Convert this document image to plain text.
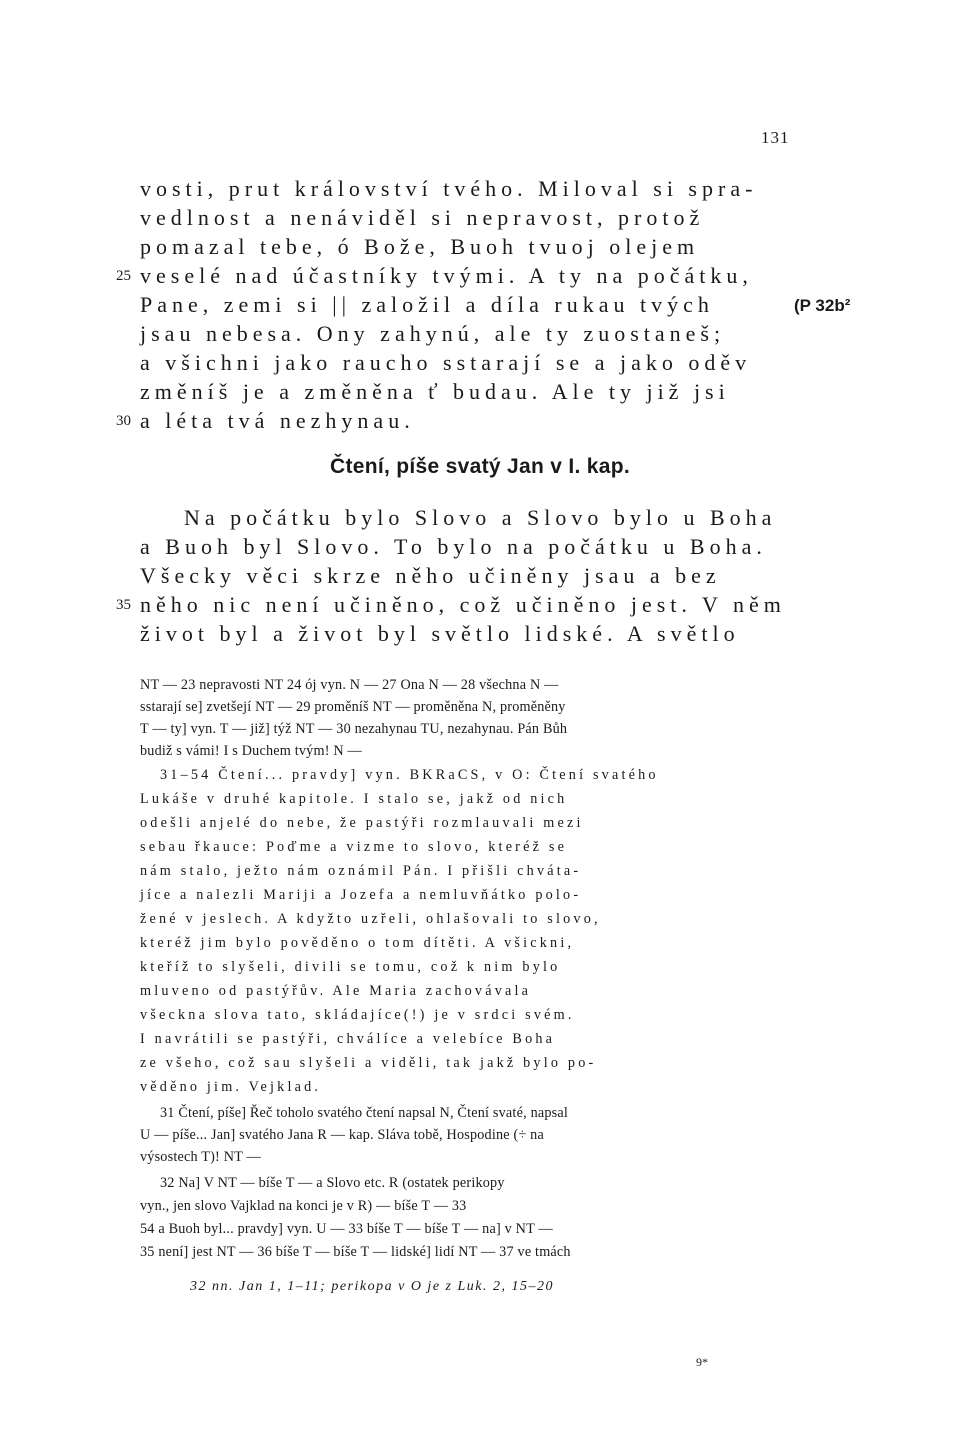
131
vosti, prut království tvého. Miloval si spra-
vedlnost a nenáviděl si nepravost, protož
pomazal tebe, ó Bože, Buoh tvuoj olejem
25 veselé nad účastníky tvými. A ty na počátku,
Pane, zemi si || založil a díla rukau tvých	(P 32b²
jsau nebesa. Ony zahynú, ale ty zuostaneš;
a všichni jako raucho sstarají se a jako oděv
změníš je a změněna ť budau. Ale ty již jsi
30 a léta tvá nezhynau.
Čtení, píše svatý Jan v I. kap.
Na počátku bylo Slovo a Slovo bylo u Boha
a Buoh byl Slovo. To bylo na počátku u Boha.
Všecky věci skrze něho učiněny jsau a bez
35 něho nic není učiněno, což učiněno jest. V něm
život byl a život byl světlo lidské. A světlo
NT — 23 nepravosti NT 24 ój vyn. N — 27 Ona N — 28 všechna N —
sstarají se] zvetšejí NT — 29 proměníš NT — proměněna N, proměněny
T — ty] vyn. T — již] týž NT — 30 nezahynau TU, nezahynau. Pán Bůh
budiž s vámi! I s Duchem tvým! N —
31–54 Čtení... pravdy] vyn. BKRaCS, v O: Čtení svatého
Lukáše v druhé kapitole. I stalo se, jakž od nich
odešli anjelé do nebe, že pastýři rozmlauvali mezi
sebau řkauce: Poďme a vizme to slovo, kteréž se
nám stalo, ježto nám oznámil Pán. I přišli chváta-
jíce a nalezli Mariji a Jozefa a nemluvňátko polo-
žené v jeslech. A kdyžto uzřeli, ohlašovali to slovo,
kteréž jim bylo pověděno o tom dítěti. A všickni,
kteříž to slyšeli, divili se tomu, což k nim bylo
mluveno od pastýřův. Ale Maria zachovávala
všeckna slova tato, skládajíce(!) je v srdci svém.
I navrátili se pastýři, chválíce a velebíce Boha
ze všeho, což sau slyšeli a viděli, tak jakž bylo po-
věděno jim. Vejklad.
31 Čtení, píše] Řeč toholo svatého čtení napsal N, Čtení svaté, napsal
U — píše... Jan] svatého Jana R — kap. Sláva tobě, Hospodine (÷ na
výsostech T)! NT —
32 Na] V NT — bíše T — a Slovo etc. R (ostatek perikopy
vyn., jen slovo Vajklad na konci je v R) — bíše T — 33
54 a Buoh byl... pravdy] vyn. U — 33 bíše T — bíše T — na] v NT —
35 není] jest NT — 36 bíše T — bíše T — lidské] lidí NT — 37 ve tmách
32 nn. Jan 1, 1–11; perikopa v O je z Luk. 2, 15–20
9*
